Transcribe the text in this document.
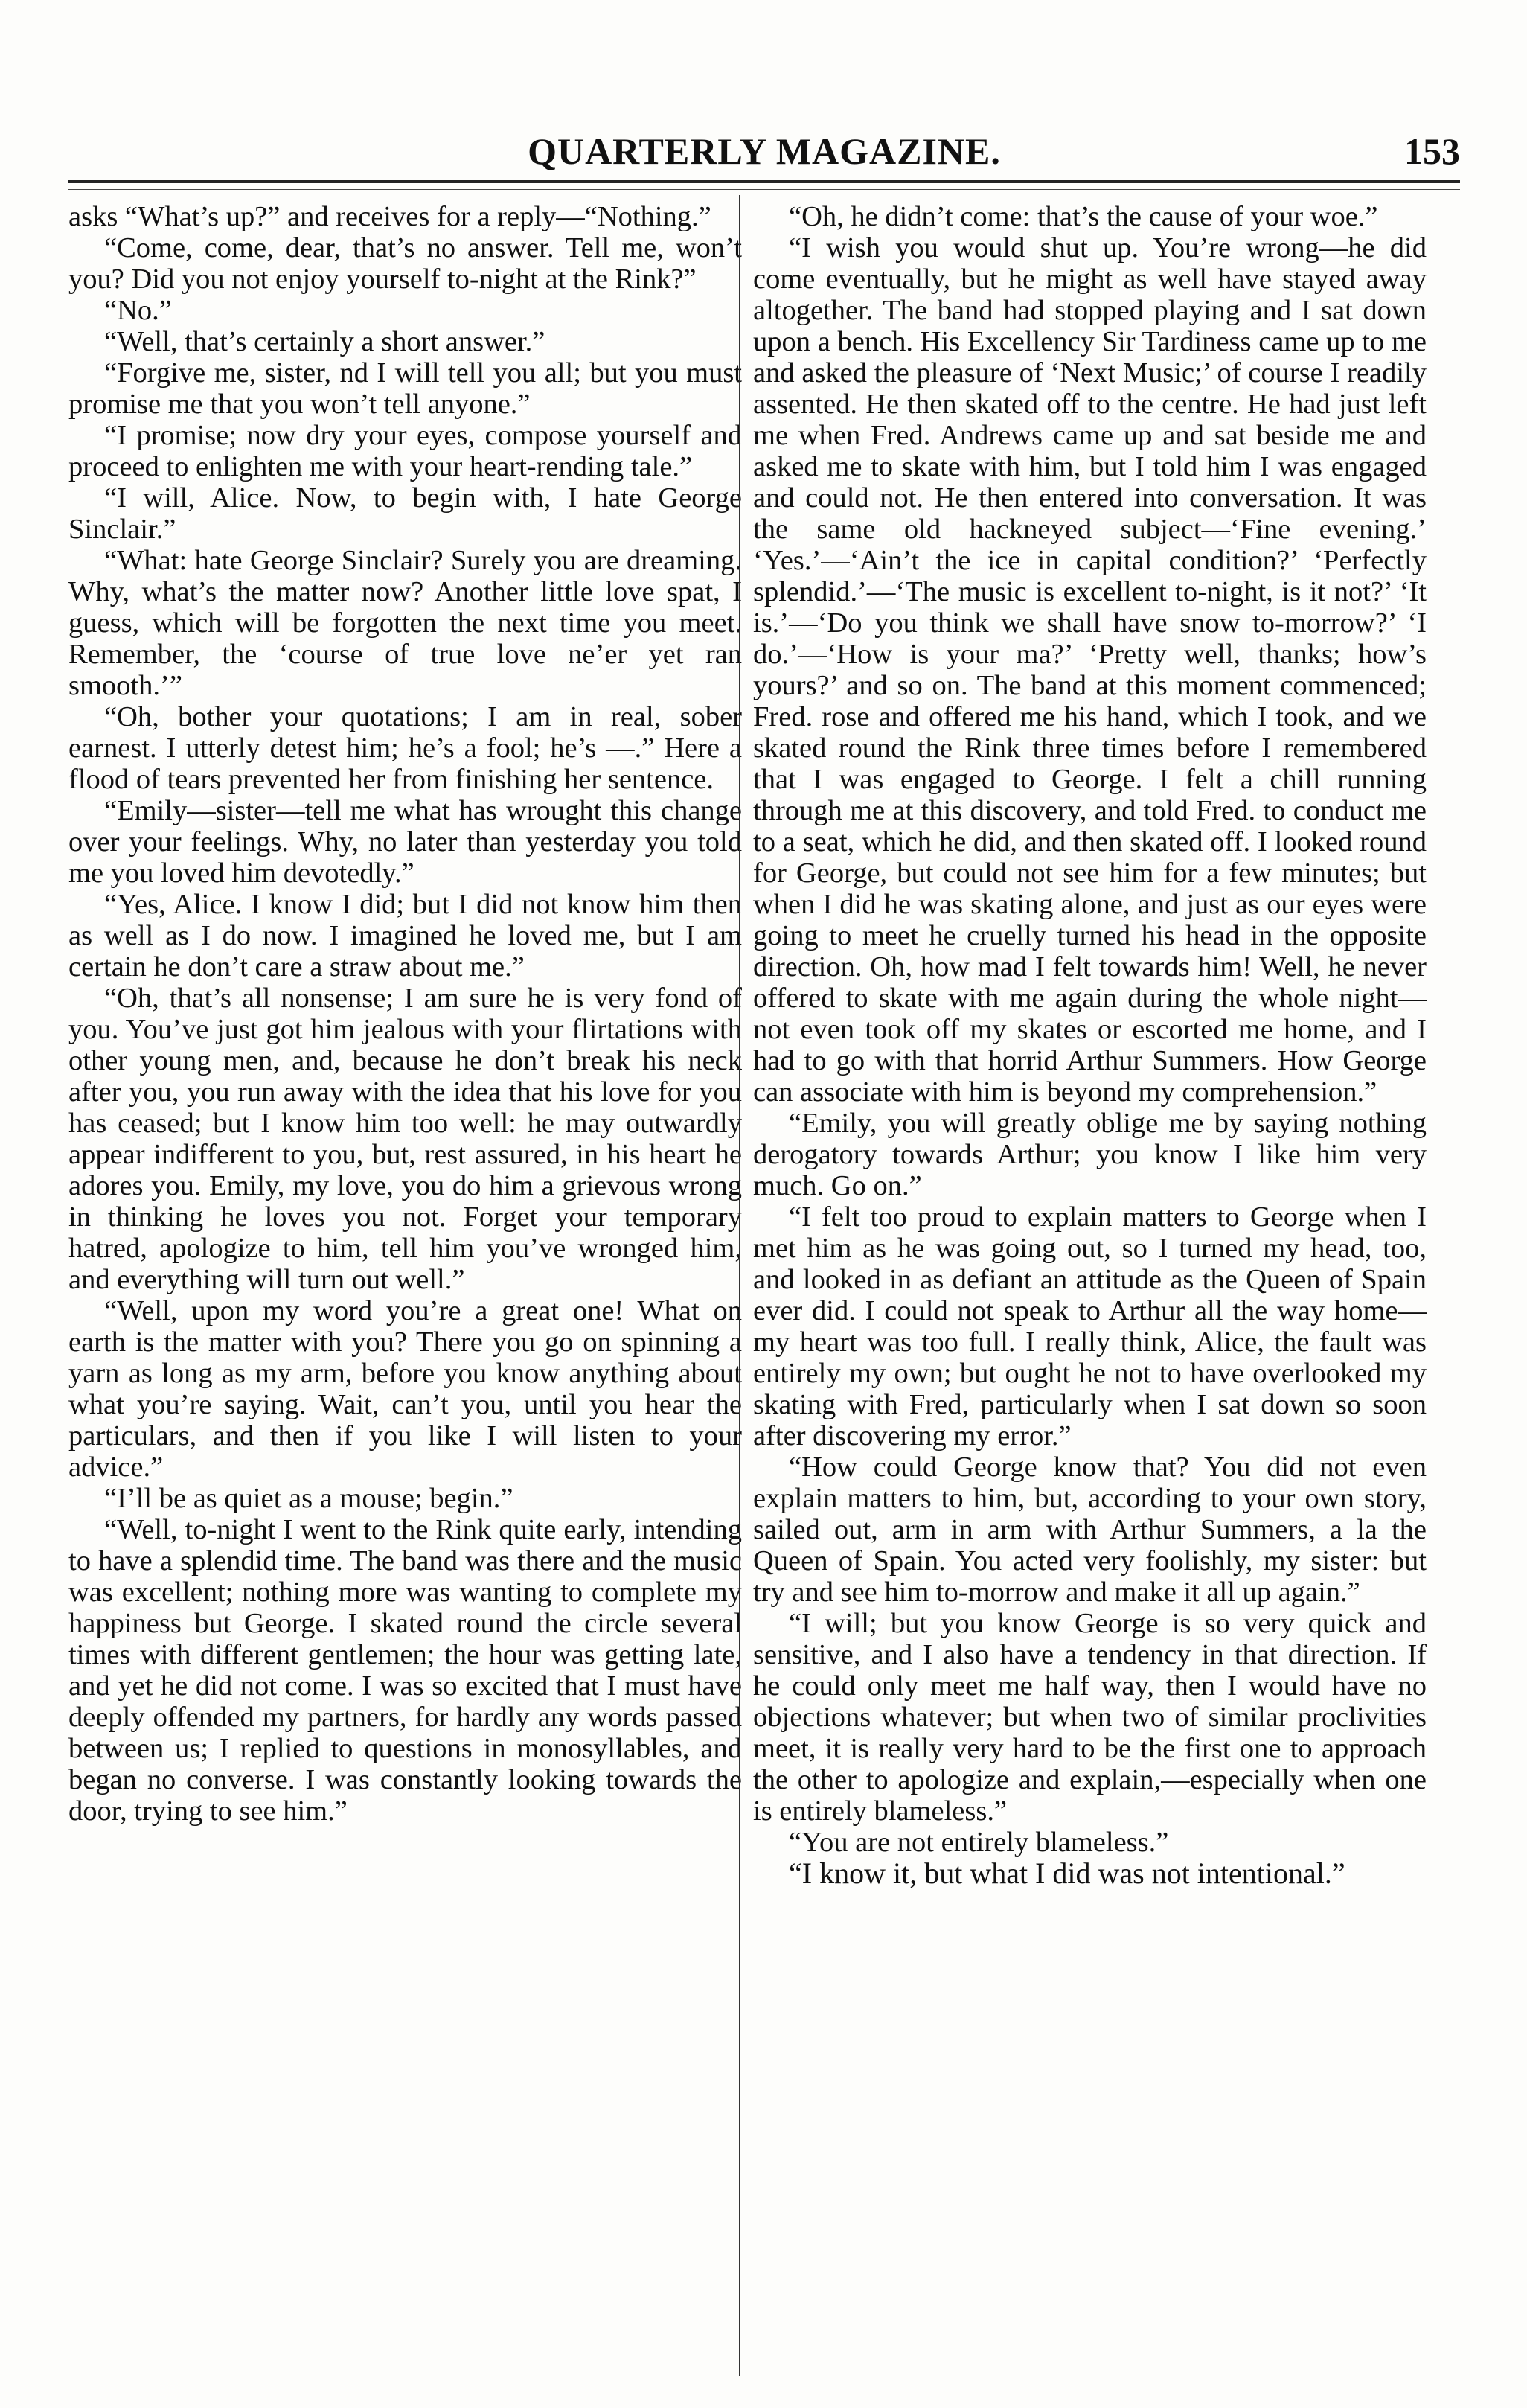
QUARTERLY MAGAZINE.	153

asks “What’s up?” and receives for a reply—“Nothing.”

“Come, come, dear, that’s no answer. Tell me, won’t you? Did you not enjoy yourself to-night at the Rink?”

“No.”

“Well, that’s certainly a short answer.”

“Forgive me, sister, nd I will tell you all; but you must promise me that you won’t tell anyone.”

“I promise; now dry your eyes, compose yourself and proceed to enlighten me with your heart-rending tale.”

“I will, Alice. Now, to begin with, I hate George Sinclair.”

“What: hate George Sinclair? Surely you are dreaming. Why, what’s the matter now? Another little love spat, I guess, which will be forgotten the next time you meet. Remember, the ‘course of true love ne’er yet ran smooth.’”

“Oh, bother your quotations; I am in real, sober earnest. I utterly detest him; he’s a fool; he’s —.” Here a flood of tears prevented her from finishing her sentence.

“Emily—sister—tell me what has wrought this change over your feelings. Why, no later than yesterday you told me you loved him devotedly.”

“Yes, Alice. I know I did; but I did not know him then as well as I do now. I imagined he loved me, but I am certain he don’t care a straw about me.”

“Oh, that’s all nonsense; I am sure he is very fond of you. You’ve just got him jealous with your flirtations with other young men, and, because he don’t break his neck after you, you run away with the idea that his love for you has ceased; but I know him too well: he may outwardly appear indifferent to you, but, rest assured, in his heart he adores you. Emily, my love, you do him a grievous wrong in thinking he loves you not. Forget your temporary hatred, apologize to him, tell him you’ve wronged him, and everything will turn out well.”

“Well, upon my word you’re a great one! What on earth is the matter with you? There you go on spinning a yarn as long as my arm, before you know anything about what you’re saying. Wait, can’t you, until you hear the particulars, and then if you like I will listen to your advice.”

“I’ll be as quiet as a mouse; begin.”

“Well, to-night I went to the Rink quite early, intending to have a splendid time. The band was there and the music was excellent; nothing more was wanting to complete my happiness but George. I skated round the circle several times with different gentlemen; the hour was getting late, and yet he did not come. I was so excited that I must have deeply offended my partners, for hardly any words passed between us; I replied to questions in monosyllables, and began no converse. I was constantly looking towards the door, trying to see him.”

“Oh, he didn’t come: that’s the cause of your woe.”

“I wish you would shut up. You’re wrong—he did come eventually, but he might as well have stayed away altogether. The band had stopped playing and I sat down upon a bench. His Excellency Sir Tardiness came up to me and asked the pleasure of ‘Next Music;’ of course I readily assented. He then skated off to the centre. He had just left me when Fred. Andrews came up and sat beside me and asked me to skate with him, but I told him I was engaged and could not. He then entered into conversation. It was the same old hackneyed subject—‘Fine evening.’ ‘Yes.’—‘Ain’t the ice in capital condition?’ ‘Perfectly splendid.’—‘The music is excellent to-night, is it not?’ ‘It is.’—‘Do you think we shall have snow to-morrow?’ ‘I do.’—‘How is your ma?’ ‘Pretty well, thanks; how’s yours?’ and so on. The band at this moment commenced; Fred. rose and offered me his hand, which I took, and we skated round the Rink three times before I remembered that I was engaged to George. I felt a chill running through me at this discovery, and told Fred. to conduct me to a seat, which he did, and then skated off. I looked round for George, but could not see him for a few minutes; but when I did he was skating alone, and just as our eyes were going to meet he cruelly turned his head in the opposite direction. Oh, how mad I felt towards him! Well, he never offered to skate with me again during the whole night—not even took off my skates or escorted me home, and I had to go with that horrid Arthur Summers. How George can associate with him is beyond my comprehension.”

“Emily, you will greatly oblige me by saying nothing derogatory towards Arthur; you know I like him very much. Go on.”

“I felt too proud to explain matters to George when I met him as he was going out, so I turned my head, too, and looked in as defiant an attitude as the Queen of Spain ever did. I could not speak to Arthur all the way home—my heart was too full. I really think, Alice, the fault was entirely my own; but ought he not to have overlooked my skating with Fred, particularly when I sat down so soon after discovering my error.”

“How could George know that? You did not even explain matters to him, but, according to your own story, sailed out, arm in arm with Arthur Summers, a la the Queen of Spain. You acted very foolishly, my sister: but try and see him to-morrow and make it all up again.”

“I will; but you know George is so very quick and sensitive, and I also have a tendency in that direction. If he could only meet me half way, then I would have no objections whatever; but when two of similar proclivities meet, it is really very hard to be the first one to approach the other to apologize and explain,—especially when one is entirely blameless.”

“You are not entirely blameless.”

“I know it, but what I did was not intentional.”
